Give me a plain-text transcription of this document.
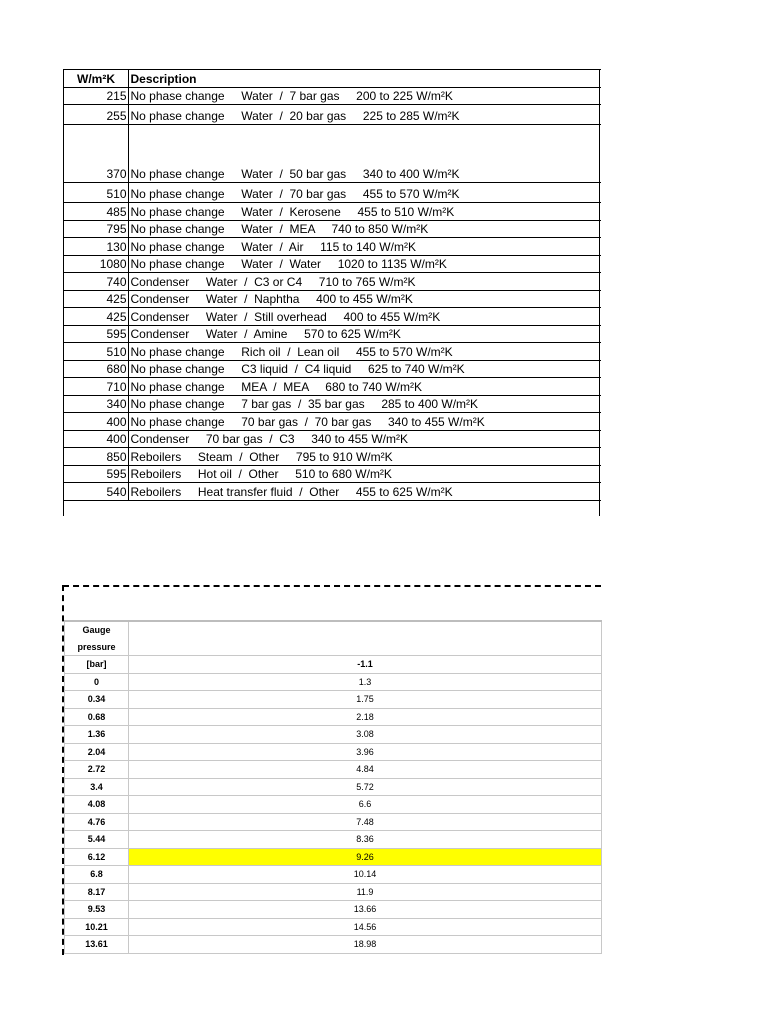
W/m²K	Description
215	No phase change     Water  /  7 bar gas     200 to 225 W/m²K
255	No phase change     Water  /  20 bar gas     225 to 285 W/m²K
370	No phase change     Water  /  50 bar gas     340 to 400 W/m²K
510	No phase change     Water  /  70 bar gas     455 to 570 W/m²K
485	No phase change     Water  /  Kerosene     455 to 510 W/m²K
795	No phase change     Water  /  MEA     740 to 850 W/m²K
130	No phase change     Water  /  Air     115 to 140 W/m²K
1080	No phase change     Water  /  Water     1020 to 1135 W/m²K
740	Condenser     Water  /  C3 or C4     710 to 765 W/m²K
425	Condenser     Water  /  Naphtha     400 to 455 W/m²K
425	Condenser     Water  /  Still overhead     400 to 455 W/m²K
595	Condenser     Water  /  Amine     570 to 625 W/m²K
510	No phase change     Rich oil  /  Lean oil     455 to 570 W/m²K
680	No phase change     C3 liquid  /  C4 liquid     625 to 740 W/m²K
710	No phase change     MEA  /  MEA     680 to 740 W/m²K
340	No phase change     7 bar gas  /  35 bar gas     285 to 400 W/m²K
400	No phase change     70 bar gas  /  70 bar gas     340 to 455 W/m²K
400	Condenser     70 bar gas  /  C3     340 to 455 W/m²K
850	Reboilers     Steam  /  Other     795 to 910 W/m²K
595	Reboilers     Hot oil  /  Other     510 to 680 W/m²K
540	Reboilers     Heat transfer fluid  /  Other     455 to 625 W/m²K
Gauge	
pressure	
[bar]	-1.1
0	1.3
0.34	1.75
0.68	2.18
1.36	3.08
2.04	3.96
2.72	4.84
3.4	5.72
4.08	6.6
4.76	7.48
5.44	8.36
6.12	9.26
6.8	10.14
8.17	11.9
9.53	13.66
10.21	14.56
13.61	18.98
